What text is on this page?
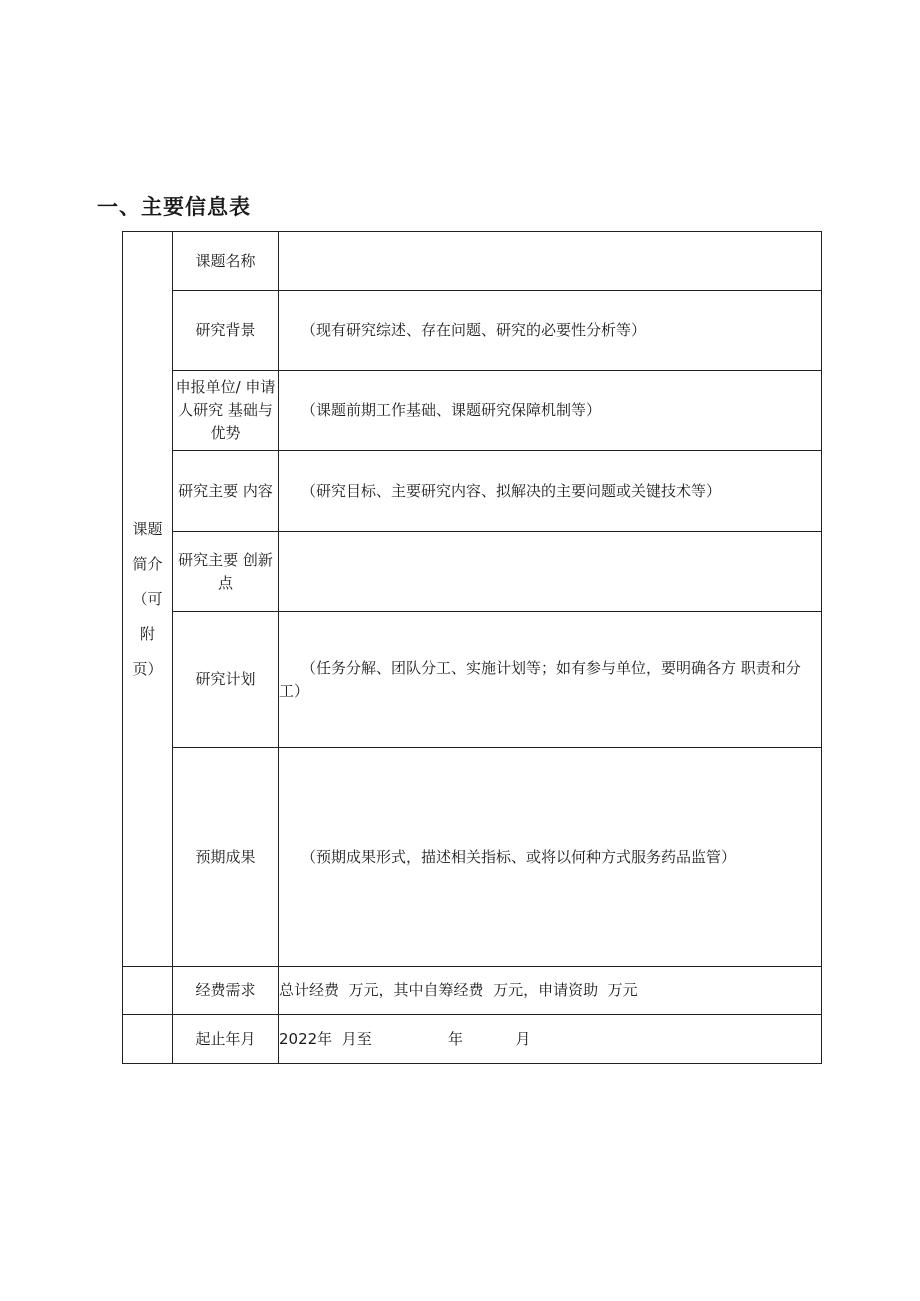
一、主要信息表
课题简介（可附页）	课题名称	
	研究背景	（现有研究综述、存在问题、研究的必要性分析等）
	申报单位/ 申请人研究 基础与优势	（课题前期工作基础、课题研究保障机制等）
	研究主要 内容	（研究目标、主要研究内容、拟解决的主要问题或关键技术等）
	研究主要 创新点	
	研究计划	（任务分解、团队分工、实施计划等；如有参与单位，要明确各方 职责和分工）
	预期成果	（预期成果形式，描述相关指标、或将以何种方式服务药品监管）
	经费需求	总计经费  万元，其中自筹经费  万元，申请资助  万元
	起止年月	2022年  月至                年           月
